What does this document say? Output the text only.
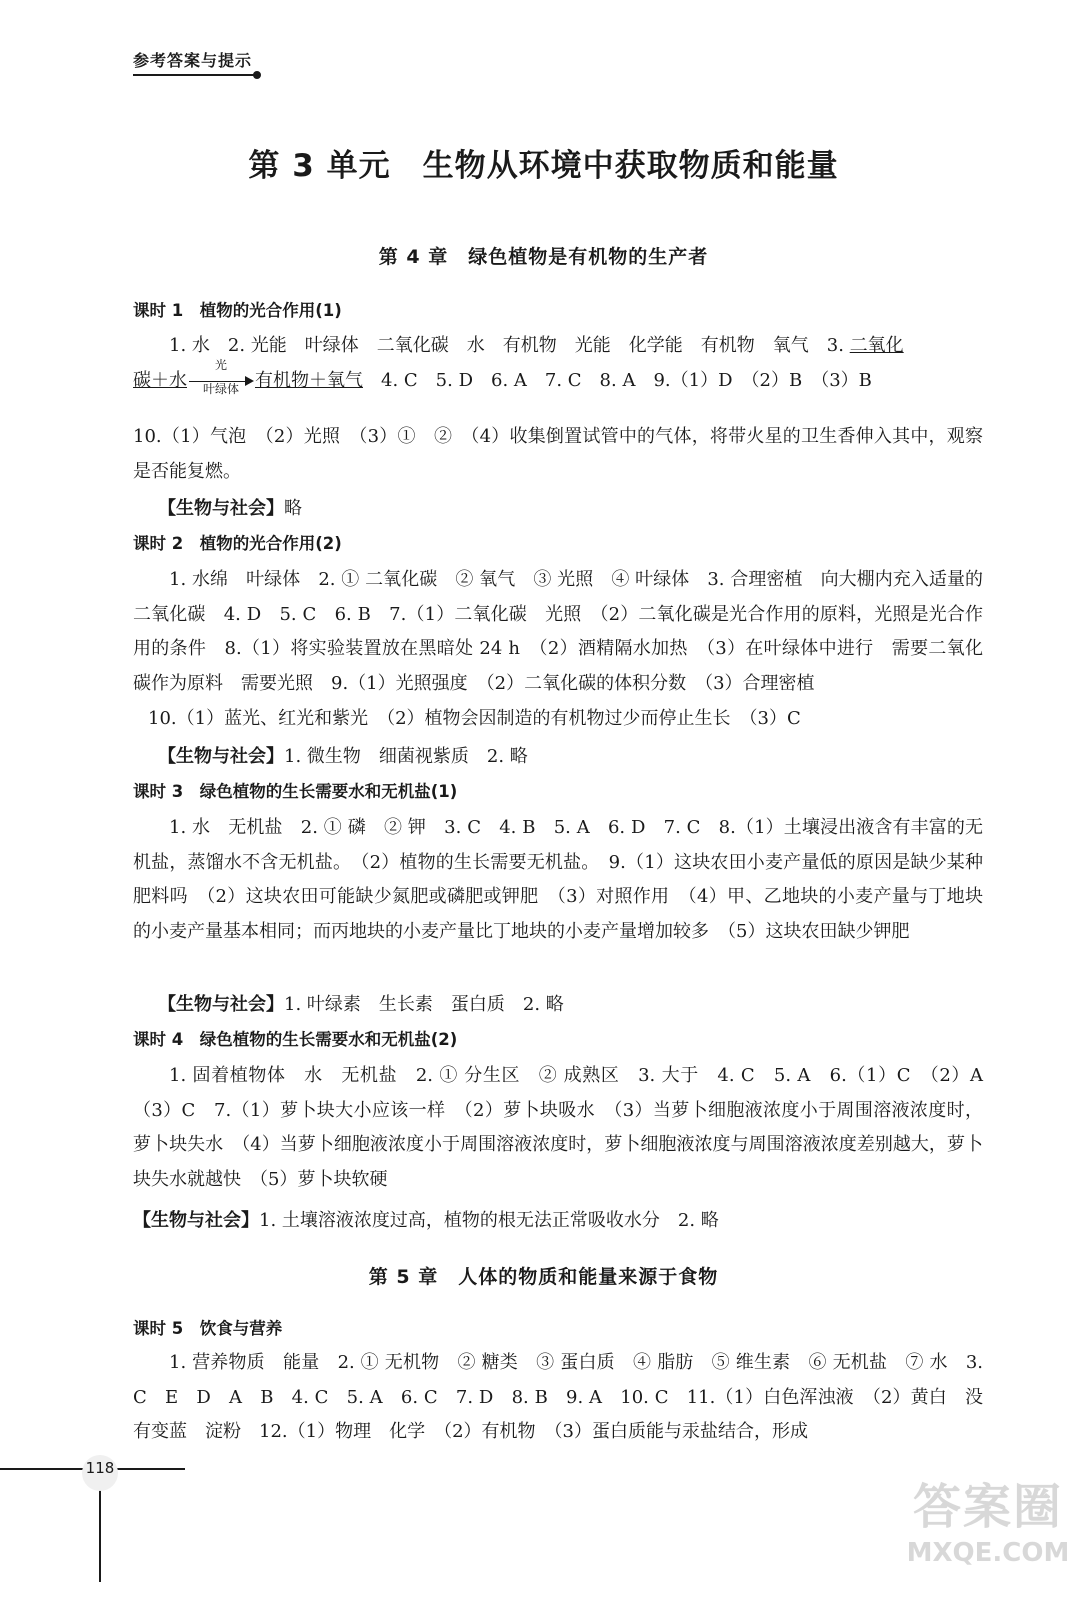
参考答案与提示
第 3 单元　生物从环境中获取物质和能量
第 4 章　绿色植物是有机物的生产者
课时 1　植物的光合作用(1)
1. 水　2. 光能　叶绿体　二氧化碳　水　有机物　光能　化学能　有机物　氧气　3. 二氧化
碳＋水
光
叶绿体 有机物＋氧气　4. C　5. D　6. A　7. C　8. A　9.（1）D　（2）B　（3）B
10.（1）气泡　（2）光照　（3）①　②　（4）收集倒置试管中的气体，将带火星的卫生香伸入其中，观察是否能复燃。
【生物与社会】略
课时 2　植物的光合作用(2)
1. 水绵　叶绿体　2. ① 二氧化碳　② 氧气　③ 光照　④ 叶绿体　3. 合理密植　向大棚内充入适量的二氧化碳　4. D　5. C　6. B　7.（1）二氧化碳　光照　（2）二氧化碳是光合作用的原料，光照是光合作用的条件　8.（1）将实验装置放在黑暗处 24 h　（2）酒精隔水加热　（3）在叶绿体中进行　需要二氧化碳作为原料　需要光照　9.（1）光照强度　（2）二氧化碳的体积分数　（3）合理密植
10.（1）蓝光、红光和紫光　（2）植物会因制造的有机物过少而停止生长　（3）C
【生物与社会】1. 微生物　细菌视紫质　2. 略
课时 3　绿色植物的生长需要水和无机盐(1)
1. 水　无机盐　2. ① 磷　② 钾　3. C　4. B　5. A　6. D　7. C　8.（1）土壤浸出液含有丰富的无机盐，蒸馏水不含无机盐。　（2）植物的生长需要无机盐。　9.（1）这块农田小麦产量低的原因是缺少某种肥料吗　（2）这块农田可能缺少氮肥或磷肥或钾肥　（3）对照作用　（4）甲、乙地块的小麦产量与丁地块的小麦产量基本相同；而丙地块的小麦产量比丁地块的小麦产量增加较多　（5）这块农田缺少钾肥
【生物与社会】1. 叶绿素　生长素　蛋白质　2. 略
课时 4　绿色植物的生长需要水和无机盐(2)
1. 固着植物体　水　无机盐　2. ① 分生区　② 成熟区　3. 大于　4. C　5. A　6.（1）C　（2）A　（3）C　7.（1）萝卜块大小应该一样　（2）萝卜块吸水　（3）当萝卜细胞液浓度小于周围溶液浓度时，萝卜块失水　（4）当萝卜细胞液浓度小于周围溶液浓度时，萝卜细胞液浓度与周围溶液浓度差别越大，萝卜块失水就越快　（5）萝卜块软硬
【生物与社会】1. 土壤溶液浓度过高，植物的根无法正常吸收水分　2. 略
第 5 章　人体的物质和能量来源于食物
课时 5　饮食与营养
1. 营养物质　能量　2. ① 无机物　② 糖类　③ 蛋白质　④ 脂肪　⑤ 维生素　⑥ 无机盐　⑦ 水　3. C　E　D　A　B　4. C　5. A　6. C　7. D　8. B　9. A　10. C　11.（1）白色浑浊液　（2）黄白　没有变蓝　淀粉　12.（1）物理　化学　（2）有机物　（3）蛋白质能与汞盐结合，形成
118
答案圈
MXQE.COM
